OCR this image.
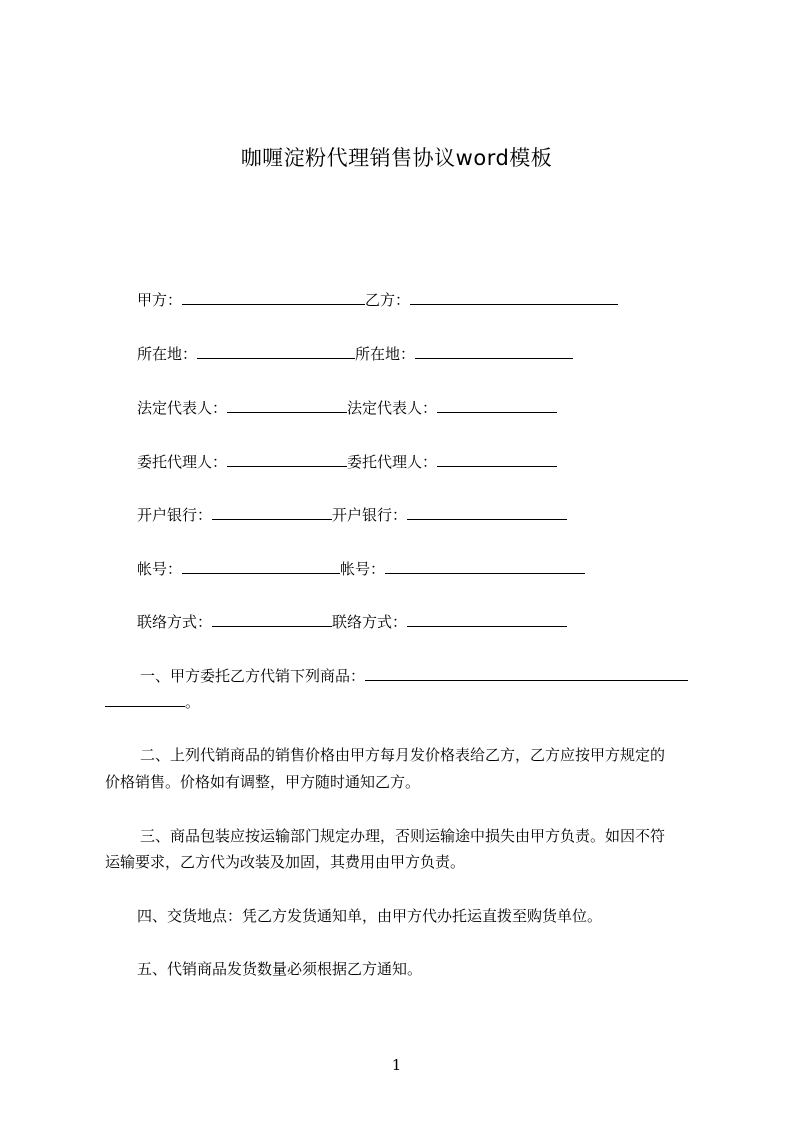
咖喱淀粉代理销售协议word模板
甲方：	乙方：
所在地：	所在地：
法定代表人：	法定代表人：
委托代理人：	委托代理人：
开户银行：	开户银行：
帐号：	帐号：
联络方式：	联络方式：
一、甲方委托乙方代销下列商品：
。
二、上列代销商品的销售价格由甲方每月发价格表给乙方，乙方应按甲方规定的
价格销售。价格如有调整，甲方随时通知乙方。
三、商品包装应按运输部门规定办理，否则运输途中损失由甲方负责。如因不符
运输要求，乙方代为改装及加固，其费用由甲方负责。
四、交货地点：凭乙方发货通知单，由甲方代办托运直拨至购货单位。
五、代销商品发货数量必须根据乙方通知。
1
